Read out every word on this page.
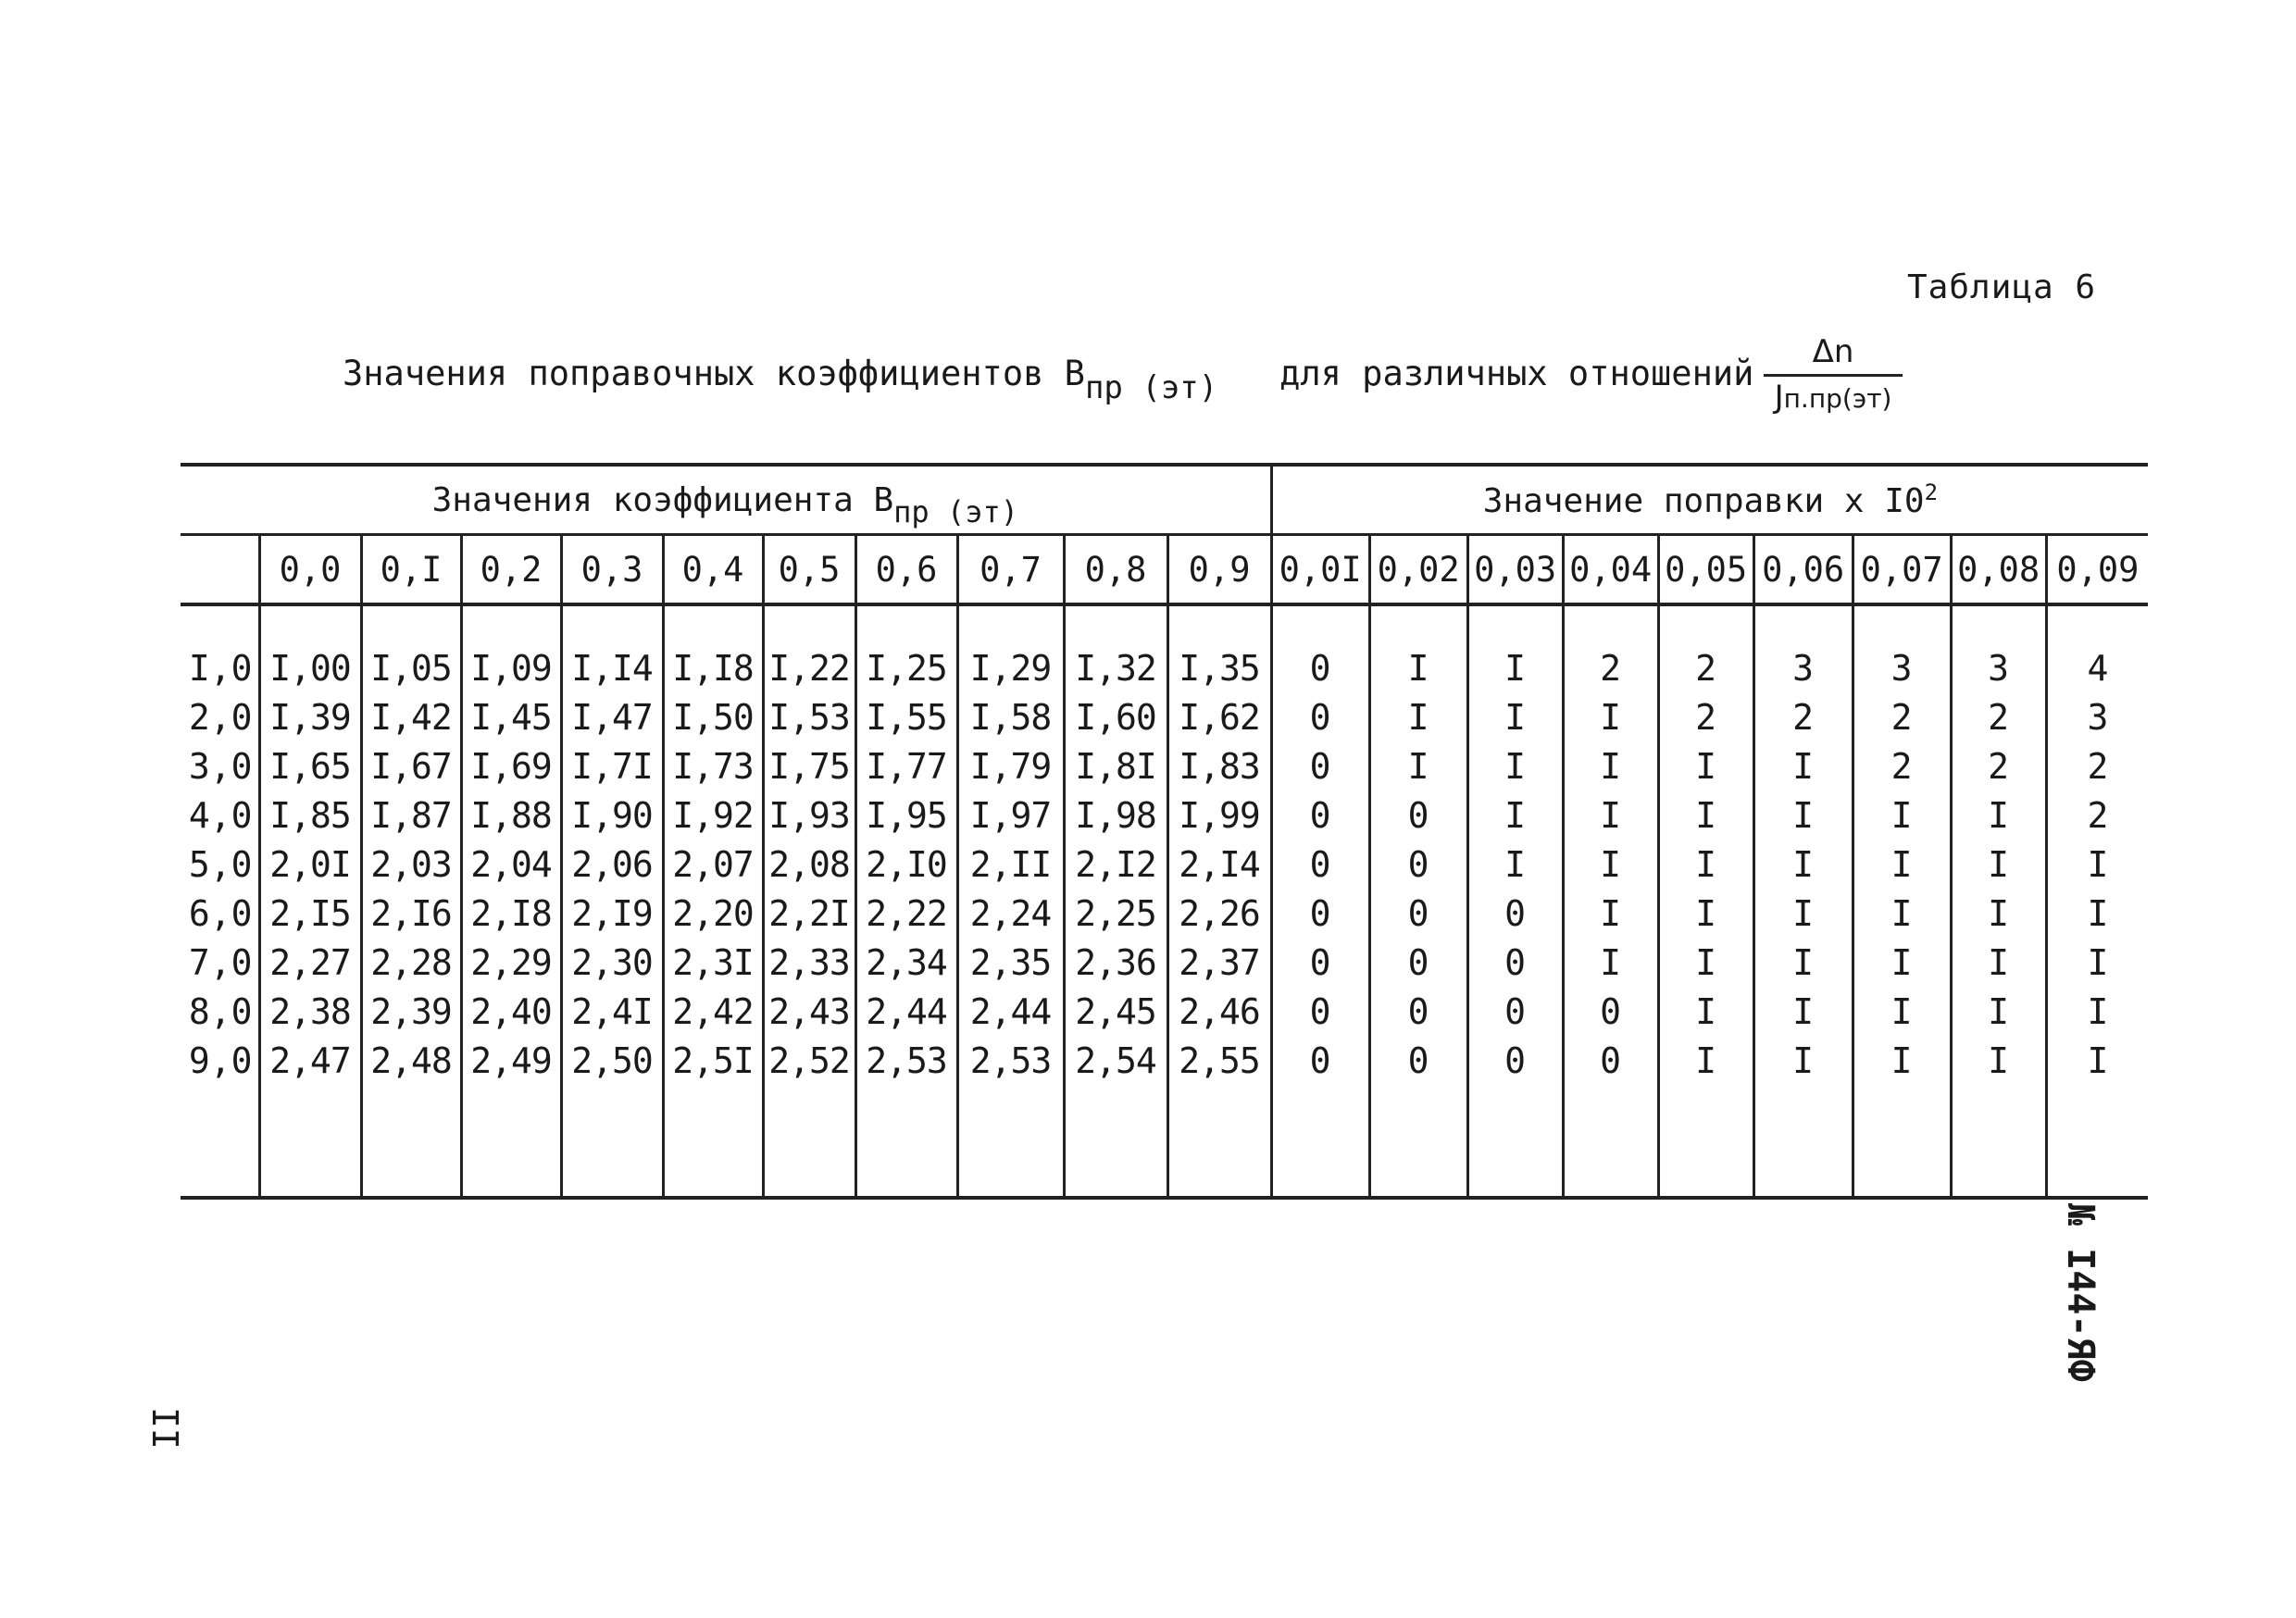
Таблица 6
Значения поправочных коэффициентов Впр (эт) для различных отношений
Δn
Jп.пр(эт)
Значения коэффициента Впр (эт)											Значение поправки x $I0^2$
	0,0	0,I	0,2	0,3	0,4	0,5	0,6	0,7	0,8	0,9	0,0I	0,02	0,03	0,04	0,05	0,06	0,07	0,08	0,09

I,0	I,00	I,05	I,09	I,I4	I,I8	I,22	I,25	I,29	I,32	I,35	0	I	I	2	2	3	3	3	4
2,0	I,39	I,42	I,45	I,47	I,50	I,53	I,55	I,58	I,60	I,62	0	I	I	I	2	2	2	2	3
3,0	I,65	I,67	I,69	I,7I	I,73	I,75	I,77	I,79	I,8I	I,83	0	I	I	I	I	I	2	2	2
4,0	I,85	I,87	I,88	I,90	I,92	I,93	I,95	I,97	I,98	I,99	0	0	I	I	I	I	I	I	2
5,0	2,0I	2,03	2,04	2,06	2,07	2,08	2,I0	2,II	2,I2	2,I4	0	0	I	I	I	I	I	I	I
6,0	2,I5	2,I6	2,I8	2,I9	2,20	2,2I	2,22	2,24	2,25	2,26	0	0	0	I	I	I	I	I	I
7,0	2,27	2,28	2,29	2,30	2,3I	2,33	2,34	2,35	2,36	2,37	0	0	0	I	I	I	I	I	I
8,0	2,38	2,39	2,40	2,4I	2,42	2,43	2,44	2,44	2,45	2,46	0	0	0	0	I	I	I	I	I
9,0	2,47	2,48	2,49	2,50	2,5I	2,52	2,53	2,53	2,54	2,55	0	0	0	0	I	I	I	I	I

№ I44-ЯФ
II
